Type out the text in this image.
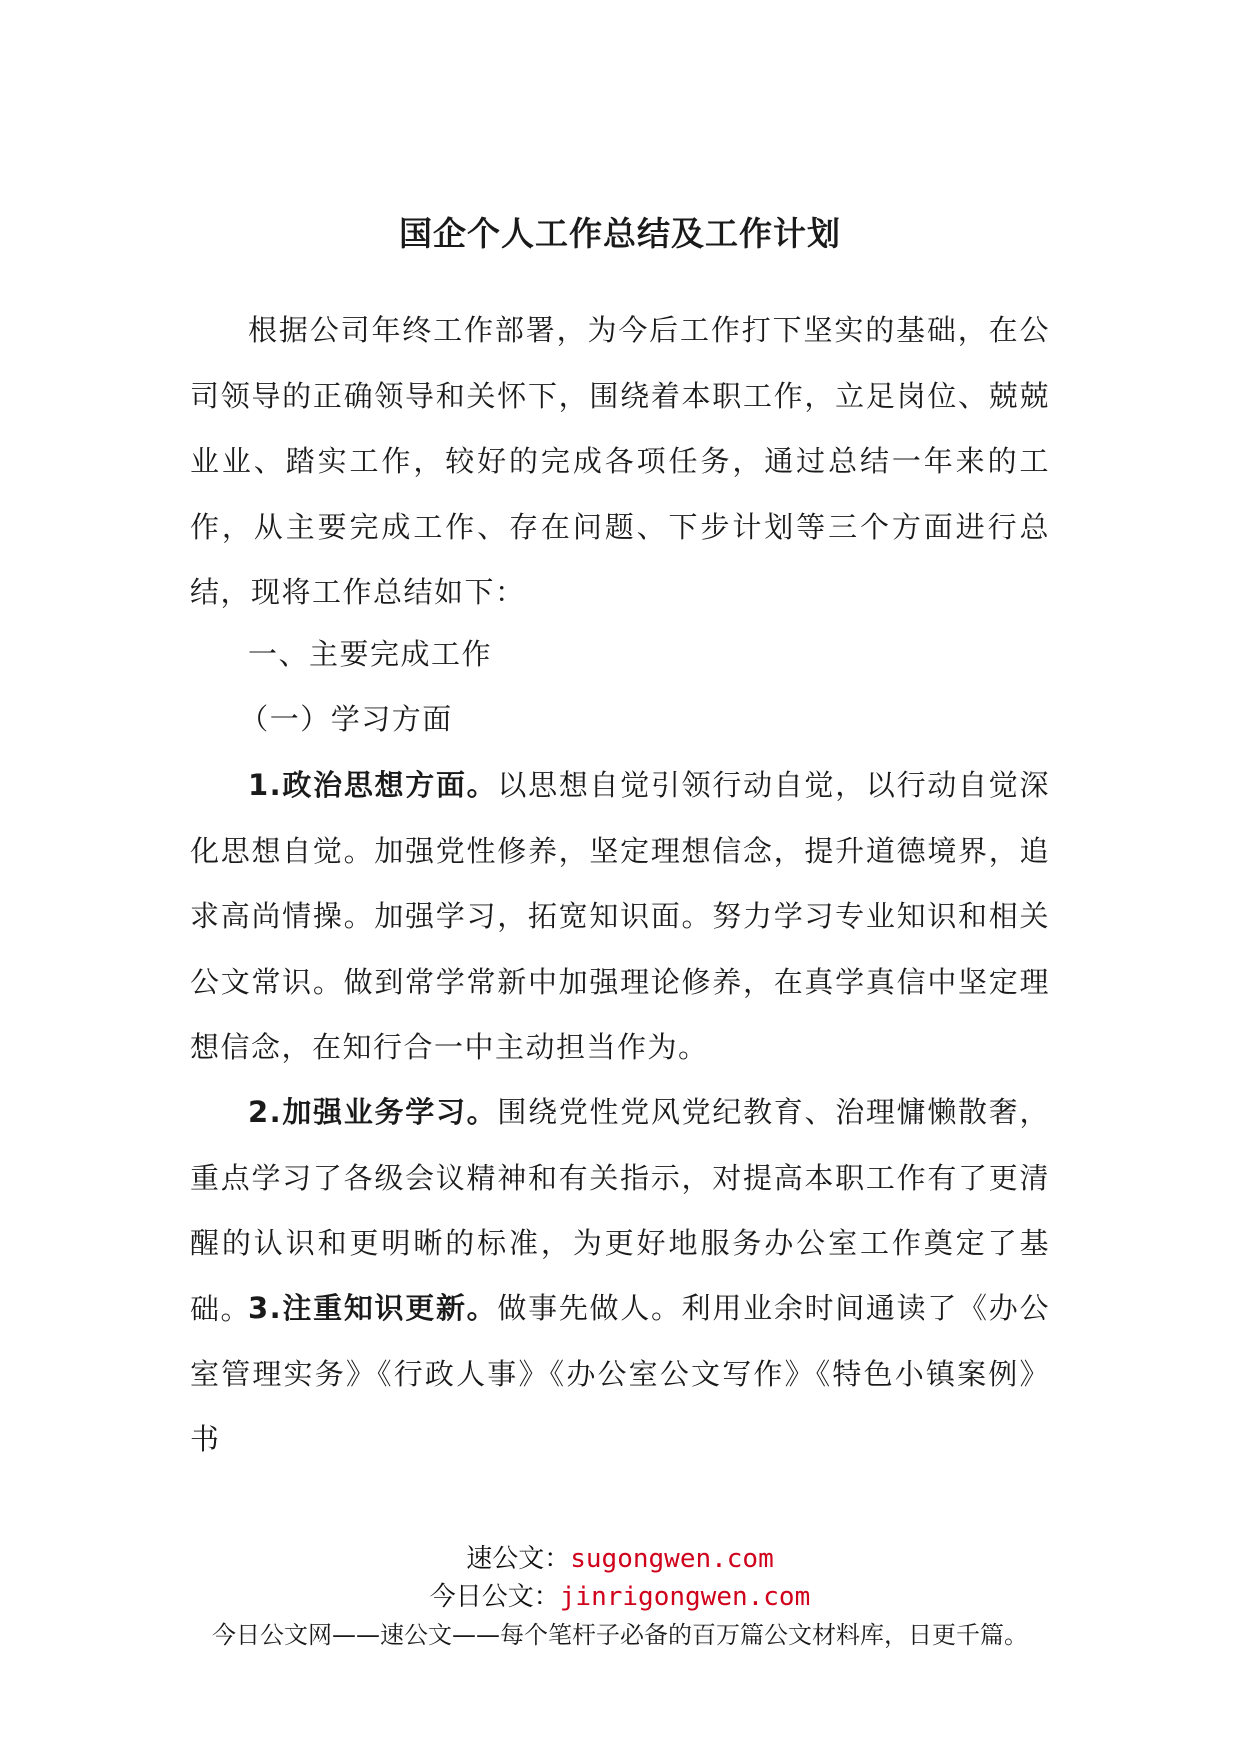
国企个人工作总结及工作计划

根据公司年终工作部署，为今后工作打下坚实的基础，在公司领导的正确领导和关怀下，围绕着本职工作，立足岗位、兢兢业业、踏实工作，较好的完成各项任务，通过总结一年来的工作，从主要完成工作、存在问题、下步计划等三个方面进行总结，现将工作总结如下：

一、主要完成工作

（一）学习方面

1.政治思想方面。以思想自觉引领行动自觉，以行动自觉深化思想自觉。加强党性修养，坚定理想信念，提升道德境界，追求高尚情操。加强学习，拓宽知识面。努力学习专业知识和相关公文常识。做到常学常新中加强理论修养，在真学真信中坚定理想信念，在知行合一中主动担当作为。

2.加强业务学习。围绕党性党风党纪教育、治理慵懒散奢，重点学习了各级会议精神和有关指示，对提高本职工作有了更清醒的认识和更明晰的标准，为更好地服务办公室工作奠定了基础。

3.注重知识更新。做事先做人。利用业余时间通读了《办公室管理实务》《行政人事》《办公室公文写作》《特色小镇案例》书

速公文：sugongwen.com
今日公文：jinrigongwen.com
今日公文网——速公文——每个笔杆子必备的百万篇公文材料库，日更千篇。
